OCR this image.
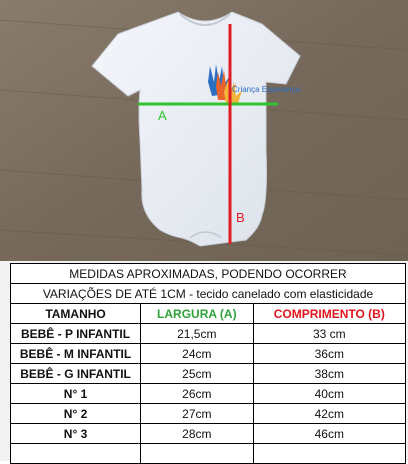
Criança Esperança
A
B
MEDIDAS APROXIMADAS, PODENDO OCORRER		
VARIAÇÕES DE ATÉ 1CM - tecido canelado com elasticidade		
TAMANHO	LARGURA (A)	COMPRIMENTO (B)
BEBÊ - P INFANTIL	21,5cm	33 cm
BEBÊ - M INFANTIL	24cm	36cm
BEBÊ - G INFANTIL	25cm	38cm
N° 1	26cm	40cm
N° 2	27cm	42cm
N° 3	28cm	46cm
